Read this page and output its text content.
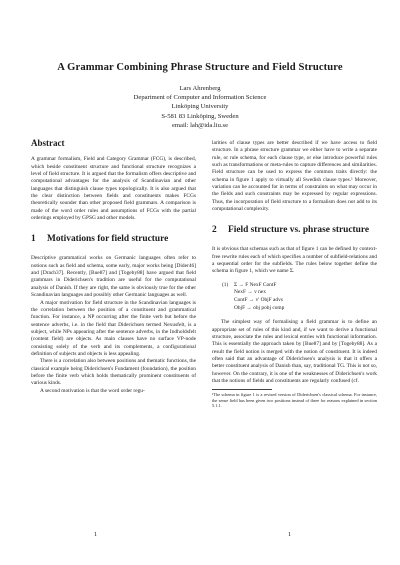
A Grammar Combining Phrase Structure and Field Structure
Lars Ahrenberg
Department of Computer and Information Science
Linköping University
S-581 83 Linköping, Sweden
email: lah@ida.liu.se
Abstract

A grammar formalism, Field and Category Grammar (FCG), is described, which beside constituent structure and functional structure recognizes a level of field structure. It is argued that the formalism offers descriptive and computational advantages for the analysis of Scandinavian and other languages that distinguish clause types topologically. It is also argued that the clear distinction between fields and constituents makes FCGs theoretically sounder than other proposed field grammars. A comparison is made of the word order rules and assumptions of FCGs with the partial orderings employed by GPSG and other models.

1 Motivations for field structure

Descriptive grammatical works on Germanic languages often refer to notions such as field and schema, some early, major works being [Dider46] and [Drach37]. Recently, [Bue87] and [Togeby88] have argued that field grammars in Diderichsen's tradition are useful for the computational analysis of Danish. If they are right, the same is obviously true for the other Scandinavian languages and possibly other Germanic languages as well.

A major motivation for field structure in the Scandinavian languages is the correlation between the position of a constituent and grammatical function. For instance, a NP occurring after the finite verb but before the sentence adverbs, i.e. in the field that Diderichsen termed Nexusfelt, is a subject, while NPs appearing after the sentence adverbs, in the Indholdsfelt (content field) are objects. As main clauses have no surface VP-node consisting solely of the verb and its complements, a configurational definition of subjects and objects is less appealing.

There is a correlation also between positions and thematic functions, the classical example being Diderichsen's Fundament (foundation), the position before the finite verb which holds thematically prominent constituents of various kinds.

A second motivation is that the word order regu-

larities of clause types are better described if we have access to field structure. In a phrase structure grammar we either have to write a separate rule, or rule schema, for each clause type, or else introduce powerful rules such as transformations or meta-rules to capture differences and similarities. Field structure can be used to express the common traits directly: the schema in figure 1 apply to virtually all Swedish clause types.¹ Moreover, variation can be accounted for in terms of constraints on what may occur in the fields and such constraints may be expressed by regular expressions. Thus, the incorporation of field structure to a formalism does not add to its computational complexity.

2 Field structure vs. phrase structure

It is obvious that schemas such as that of figure 1 can be defined by context-free rewrite rules each of which specifies a number of subfield-relations and a sequential order for the subfields. The rules below together define the schema in figure 1, which we name Σ.

(1) Σ → F NexF ContF
NexF → v nex
ContF → v' ObjF advs
ObjF → obj pobj comp

The simplest way of formalising a field grammar is to define an appropriate set of rules of this kind and, if we want to derive a functional structure, associate the rules and lexical entries with functional information. This is essentially the approach taken by [Bue87] and by [Togeby88]. As a result the field notion is merged with the notion of constituent. It is indeed often said that an advantage of Diderichsen's analysis is that it offers a better constituent analysis of Danish than, say, traditional TG. This is not so, however. On the contrary, it is one of the weaknesses of Diderichsen's work that the notions of fields and constituents are regularly confused (cf.

¹The schema in figure 1 is a revised version of Diderichsen's classical schema. For instance, the sense field has been given two positions instead of three for reasons explained in section 5.1.1.
1	1
